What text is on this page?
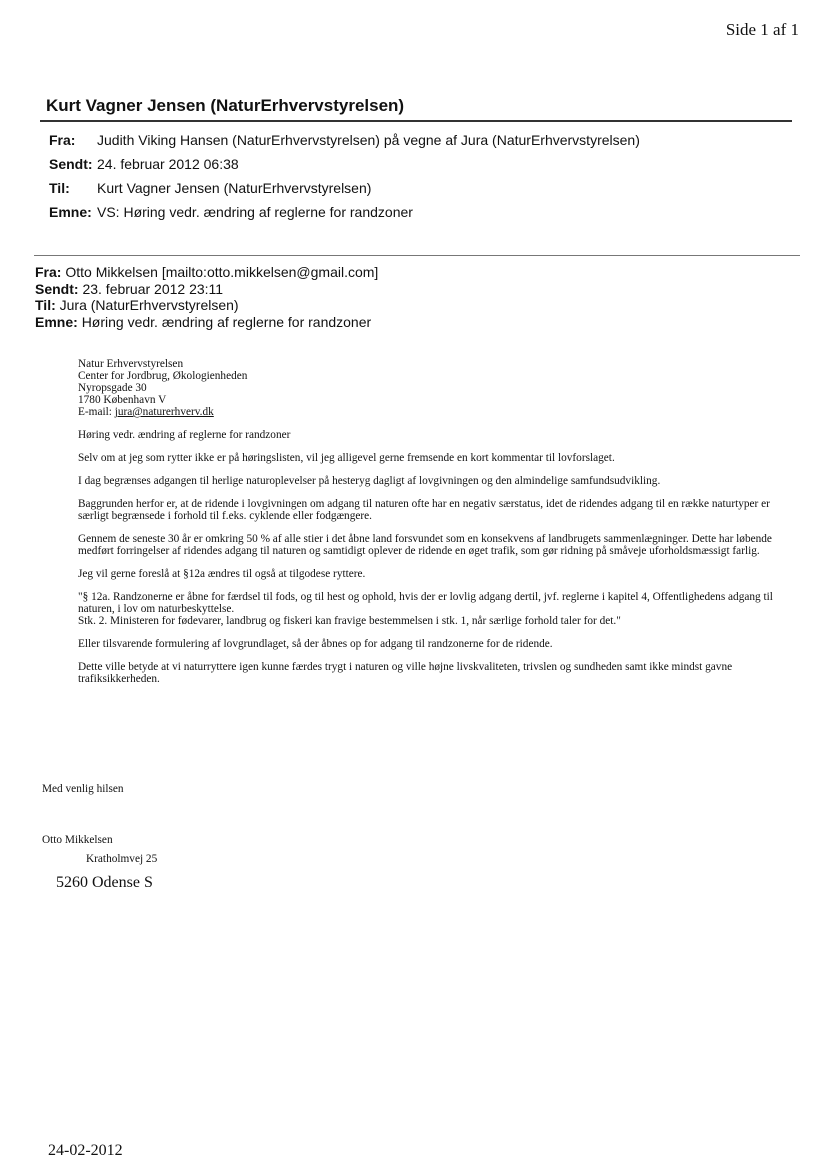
Side 1 af 1
Kurt Vagner Jensen (NaturErhvervstyrelsen)
Fra:	Judith Viking Hansen (NaturErhvervstyrelsen) på vegne af Jura (NaturErhvervstyrelsen)
Sendt: 24. februar 2012 06:38
Til:	Kurt Vagner Jensen (NaturErhvervstyrelsen)
Emne: VS: Høring vedr. ændring af reglerne for randzoner
Fra: Otto Mikkelsen [mailto:otto.mikkelsen@gmail.com]
Sendt: 23. februar 2012 23:11
Til: Jura (NaturErhvervstyrelsen)
Emne: Høring vedr. ændring af reglerne for randzoner
Natur Erhvervstyrelsen
Center for Jordbrug, Økologienheden
Nyropsgade 30
1780 København V
E-mail: jura@naturerhverv.dk
Høring vedr. ændring af reglerne for randzoner
Selv om at jeg som rytter ikke er på høringslisten, vil jeg alligevel gerne fremsende en kort kommentar til lovforslaget.
I dag begrænses adgangen til herlige naturoplevelser på hesteryg dagligt af lovgivningen og den almindelige samfundsudvikling.
Baggrunden herfor er, at de ridende i lovgivningen om adgang til naturen ofte har en negativ særstatus, idet de ridendes adgang til en række naturtyper er særligt begrænsede i forhold til f.eks. cyklende eller fodgængere.
Gennem de seneste 30 år er omkring 50 % af alle stier i det åbne land forsvundet som en konsekvens af landbrugets sammenlægninger. Dette har løbende medført forringelser af ridendes adgang til naturen og samtidigt oplever de ridende en øget trafik, som gør ridning på småveje uforholdsmæssigt farlig.
Jeg vil gerne foreslå at §12a ændres til også at tilgodese ryttere.
"§ 12a. Randzonerne er åbne for færdsel til fods, og til hest og ophold, hvis der er lovlig adgang dertil, jvf. reglerne i kapitel 4, Offentlighedens adgang til naturen, i lov om naturbeskyttelse.
Stk. 2. Ministeren for fødevarer, landbrug og fiskeri kan fravige bestemmelsen i stk. 1, når særlige forhold taler for det."
Eller tilsvarende formulering af lovgrundlaget, så der åbnes op for adgang til randzonerne for de ridende.
Dette ville betyde at vi naturryttere igen kunne færdes trygt i naturen og ville højne livskvaliteten, trivslen og sundheden samt ikke mindst gavne trafiksikkerheden.
Med venlig hilsen
Otto Mikkelsen
Kratholmvej 25
5260 Odense S
24-02-2012
